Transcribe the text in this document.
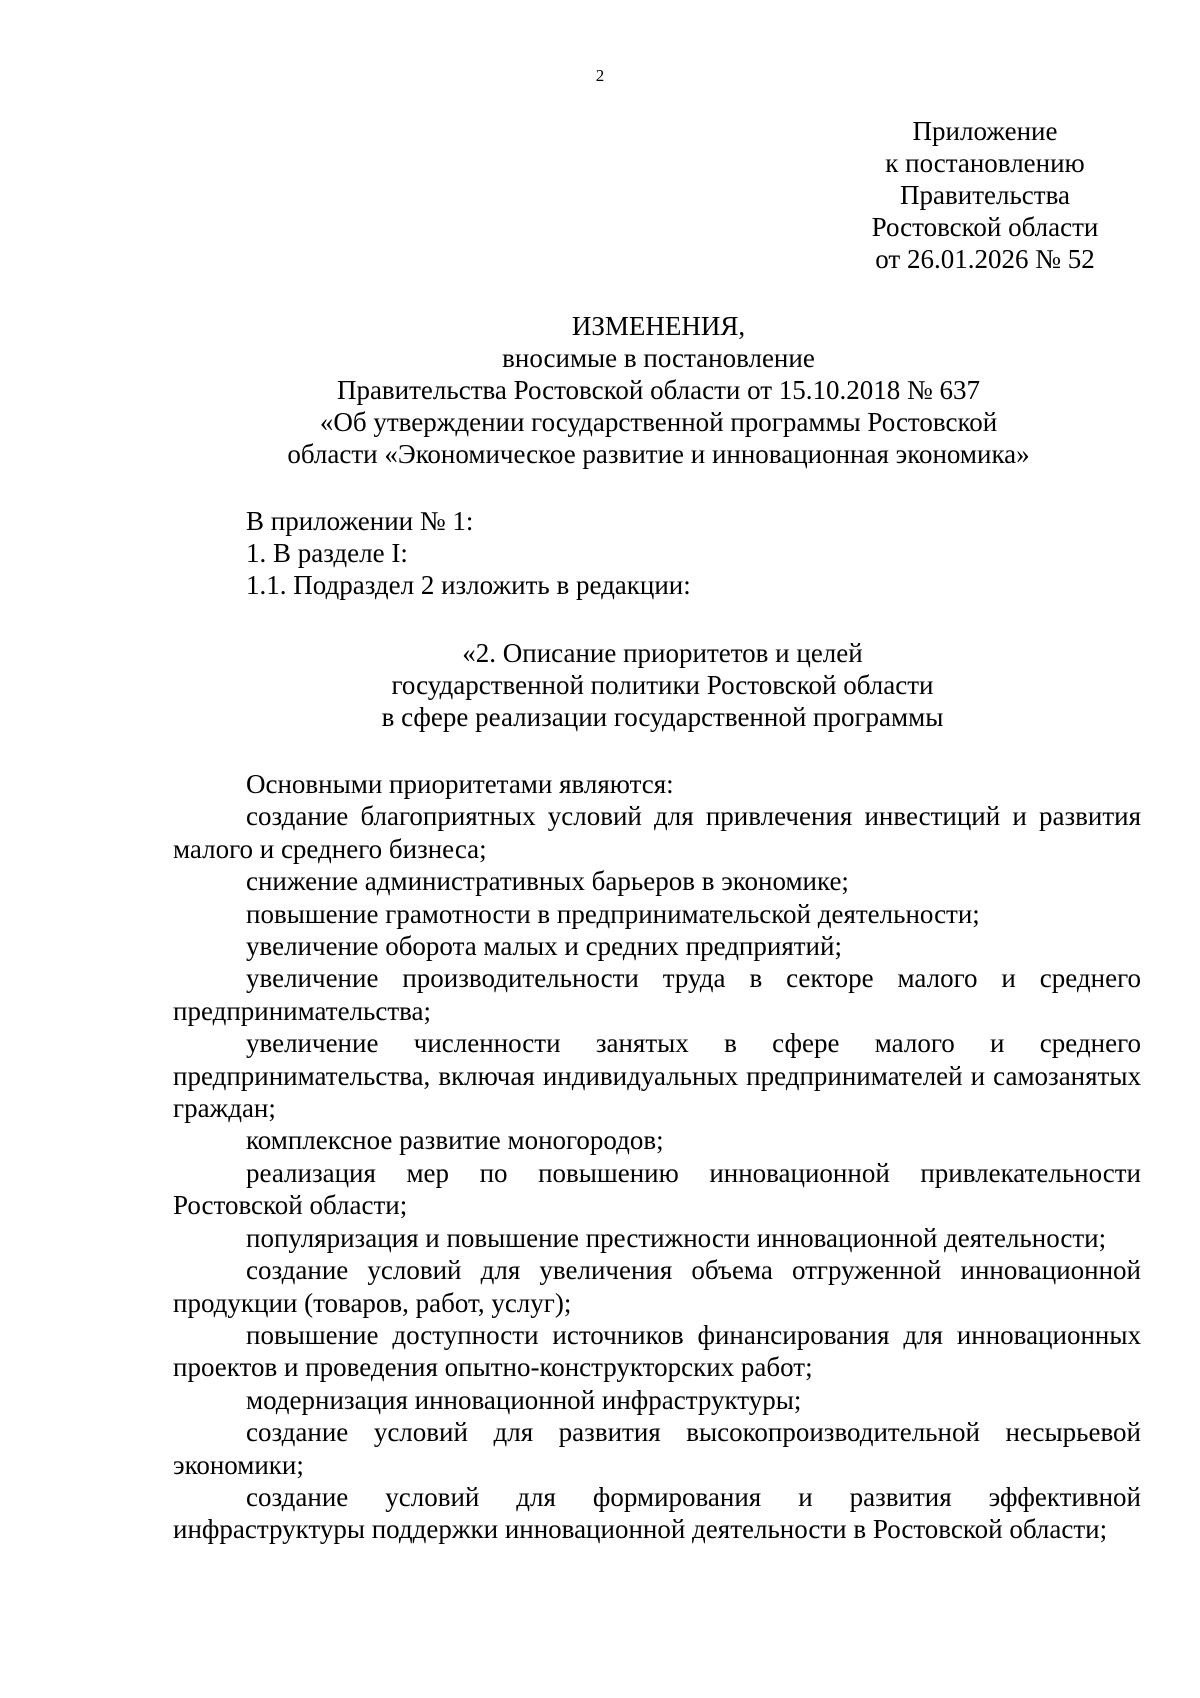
2
Приложение
к постановлению
Правительства
Ростовской области
от 26.01.2026 № 52
ИЗМЕНЕНИЯ,
вносимые в постановление
Правительства Ростовской области от 15.10.2018 № 637
«Об утверждении государственной программы Ростовской
области «Экономическое развитие и инновационная экономика»
В приложении № 1:
1. В разделе I:
1.1. Подраздел 2 изложить в редакции:
«2. Описание приоритетов и целей
государственной политики Ростовской области
в сфере реализации государственной программы

Основными приоритетами являются:

создание благоприятных условий для привлечения инвестиций и развития малого и среднего бизнеса;

снижение административных барьеров в экономике;

повышение грамотности в предпринимательской деятельности;

увеличение оборота малых и средних предприятий;

увеличение производительности труда в секторе малого и среднего предпринимательства;

увеличение численности занятых в сфере малого и среднего предпринимательства, включая индивидуальных предпринимателей и самозанятых граждан;

комплексное развитие моногородов;

реализация мер по повышению инновационной привлекательности Ростовской области;

популяризация и повышение престижности инновационной деятельности;

создание условий для увеличения объема отгруженной инновационной продукции (товаров, работ, услуг);

повышение доступности источников финансирования для инновационных проектов и проведения опытно-конструкторских работ;

модернизация инновационной инфраструктуры;

создание условий для развития высокопроизводительной несырьевой экономики;

создание условий для формирования и развития эффективной инфраструктуры поддержки инновационной деятельности в Ростовской области;
